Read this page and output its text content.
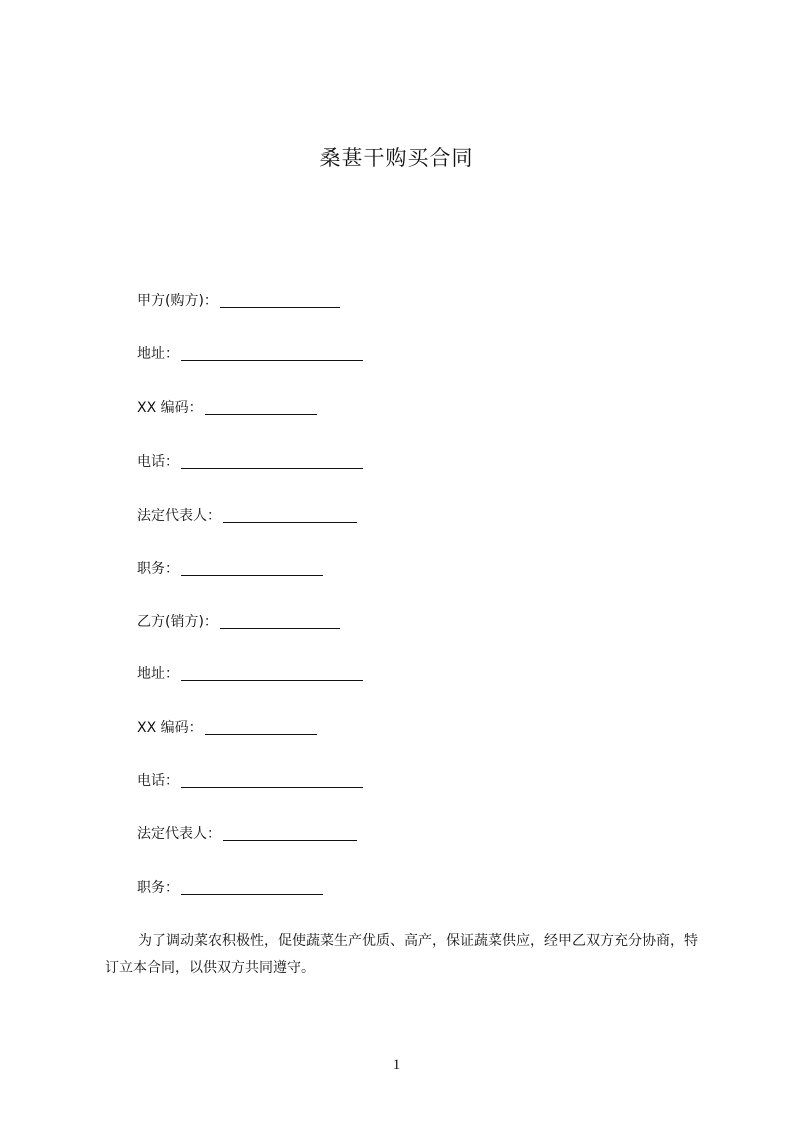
桑葚干购买合同
甲方(购方)：
地址：
XX 编码：
电话：
法定代表人：
职务：
乙方(销方)：
地址：
XX 编码：
电话：
法定代表人：
职务：

为了调动菜农积极性，促使蔬菜生产优质、高产，保证蔬菜供应，经甲乙双方充分协商，特订立本合同，以供双方共同遵守。

1
